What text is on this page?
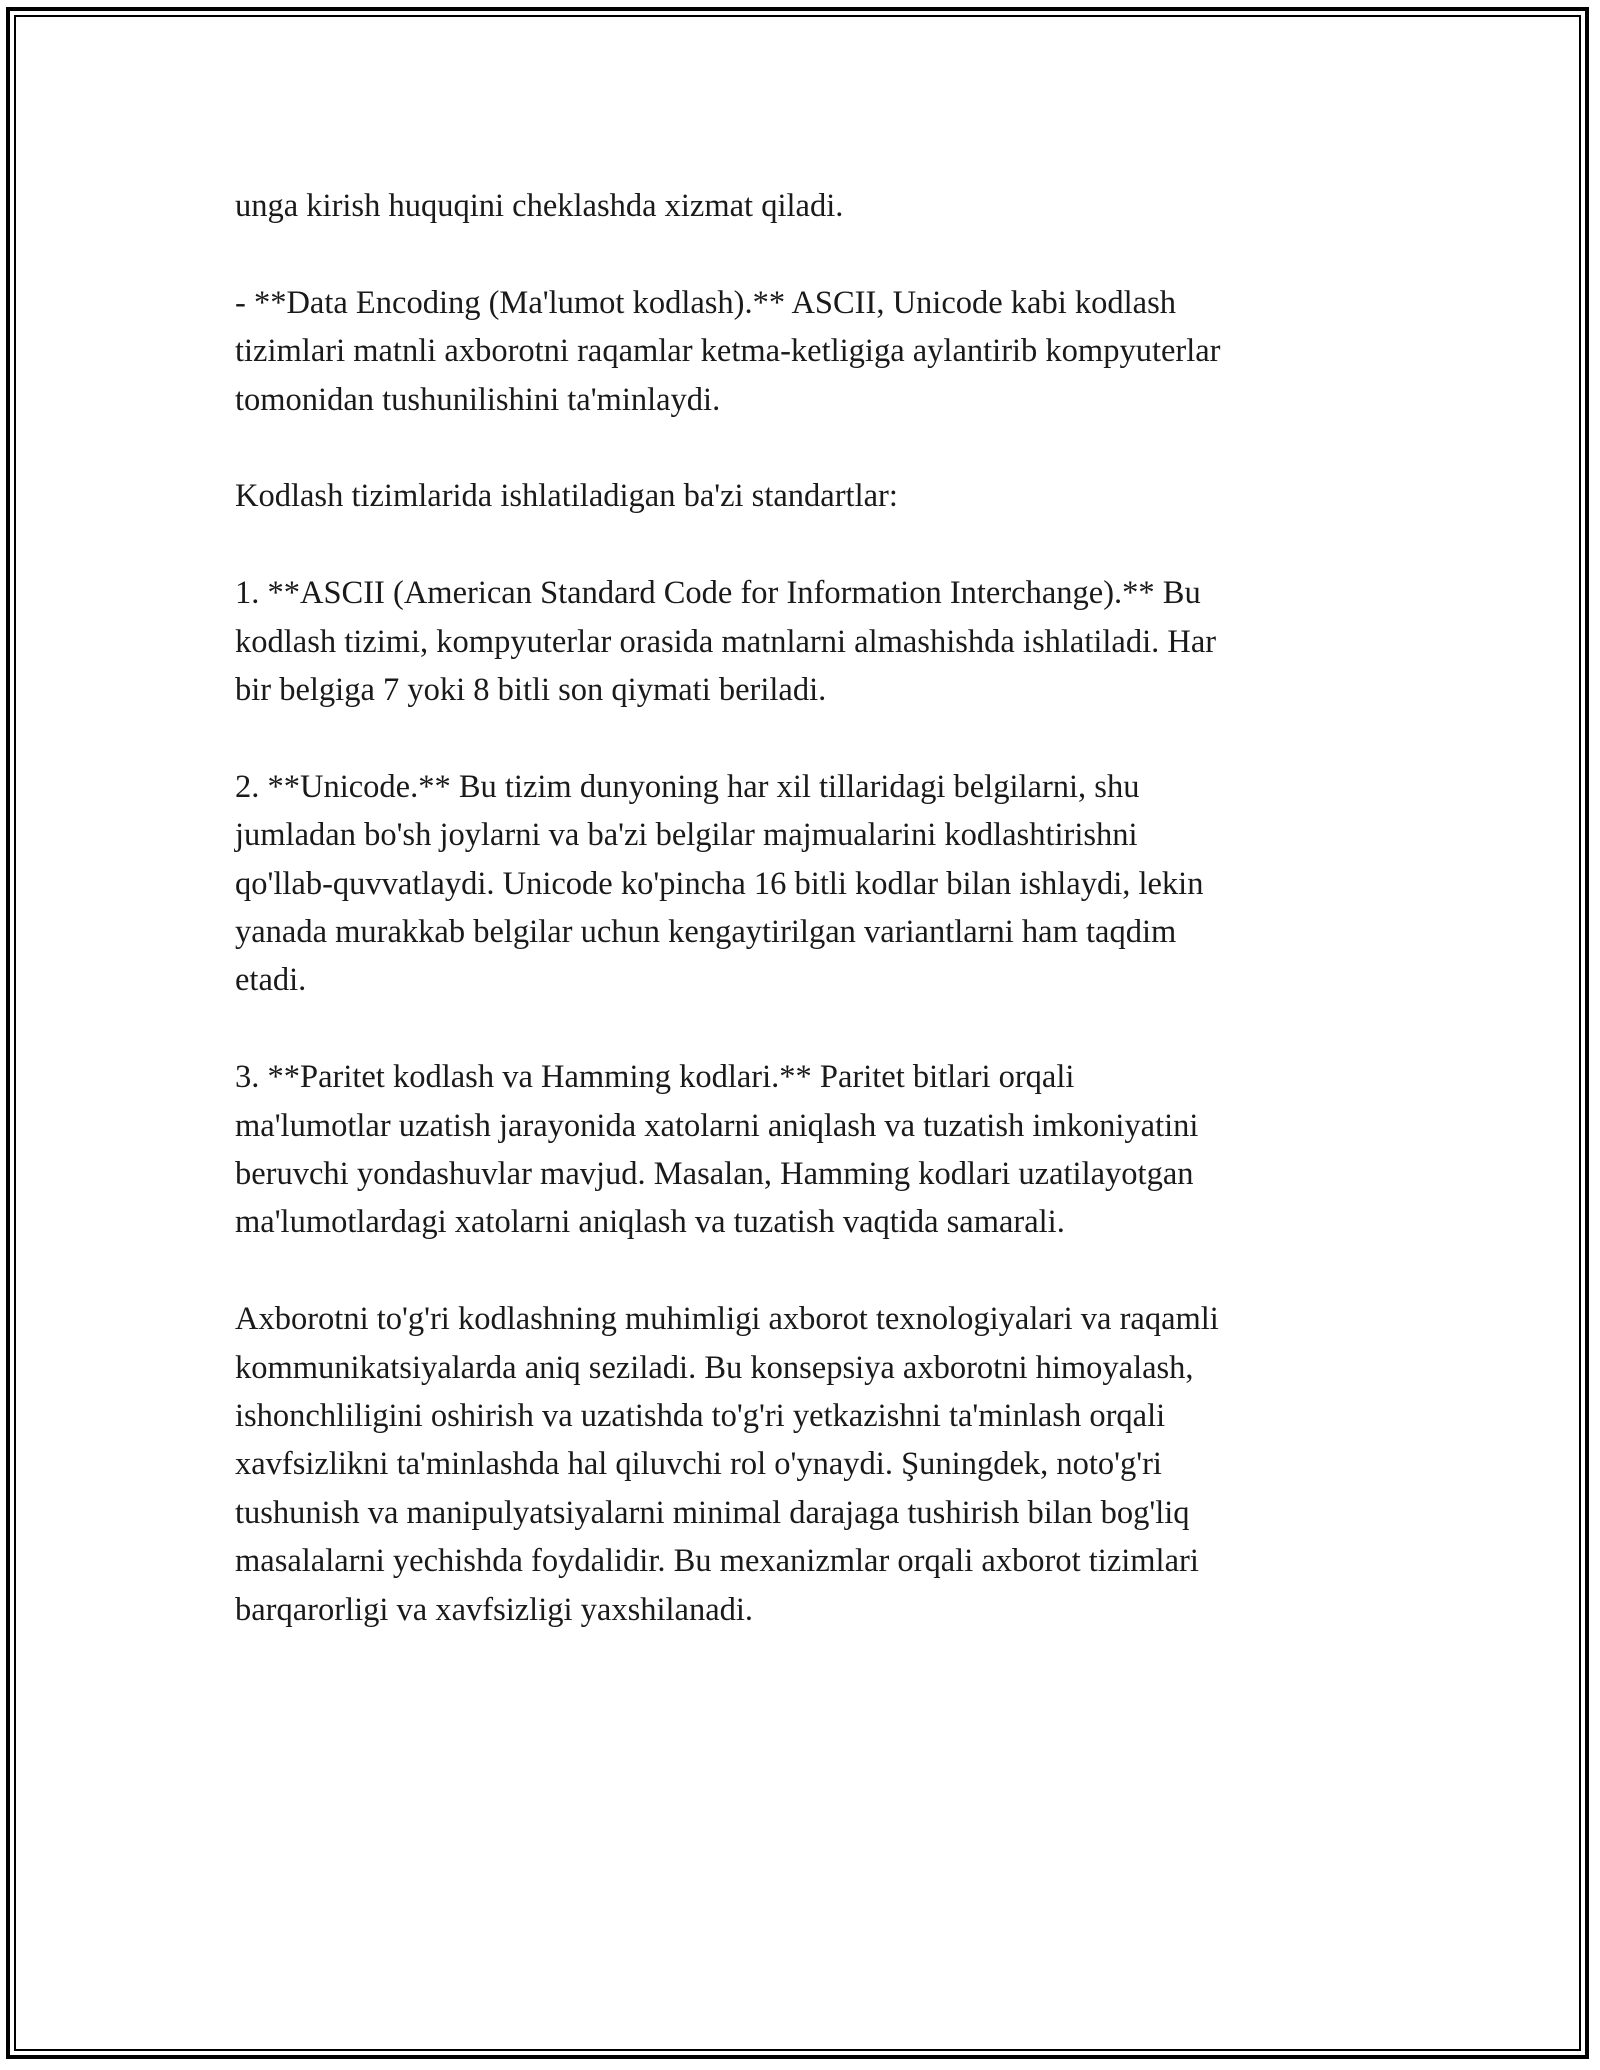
unga kirish huquqini cheklashda xizmat qiladi.

- **Data Encoding (Ma'lumot kodlash).** ASCII, Unicode kabi kodlash
tizimlari matnli axborotni raqamlar ketma-ketligiga aylantirib kompyuterlar
tomonidan tushunilishini ta'minlaydi.

Kodlash tizimlarida ishlatiladigan ba'zi standartlar:

1. **ASCII (American Standard Code for Information Interchange).** Bu
kodlash tizimi, kompyuterlar orasida matnlarni almashishda ishlatiladi. Har
bir belgiga 7 yoki 8 bitli son qiymati beriladi.

2. **Unicode.** Bu tizim dunyoning har xil tillaridagi belgilarni, shu
jumladan bo'sh joylarni va ba'zi belgilar majmualarini kodlashtirishni
qo'llab-quvvatlaydi. Unicode ko'pincha 16 bitli kodlar bilan ishlaydi, lekin
yanada murakkab belgilar uchun kengaytirilgan variantlarni ham taqdim
etadi.

3. **Paritet kodlash va Hamming kodlari.** Paritet bitlari orqali
ma'lumotlar uzatish jarayonida xatolarni aniqlash va tuzatish imkoniyatini
beruvchi yondashuvlar mavjud. Masalan, Hamming kodlari uzatilayotgan
ma'lumotlardagi xatolarni aniqlash va tuzatish vaqtida samarali.

Axborotni to'g'ri kodlashning muhimligi axborot texnologiyalari va raqamli
kommunikatsiyalarda aniq seziladi. Bu konsepsiya axborotni himoyalash,
ishonchliligini oshirish va uzatishda to'g'ri yetkazishni ta'minlash orqali
xavfsizlikni ta'minlashda hal qiluvchi rol o'ynaydi. Şuningdek, noto'g'ri
tushunish va manipulyatsiyalarni minimal darajaga tushirish bilan bog'liq
masalalarni yechishda foydalidir. Bu mexanizmlar orqali axborot tizimlari
barqarorligi va xavfsizligi yaxshilanadi.
